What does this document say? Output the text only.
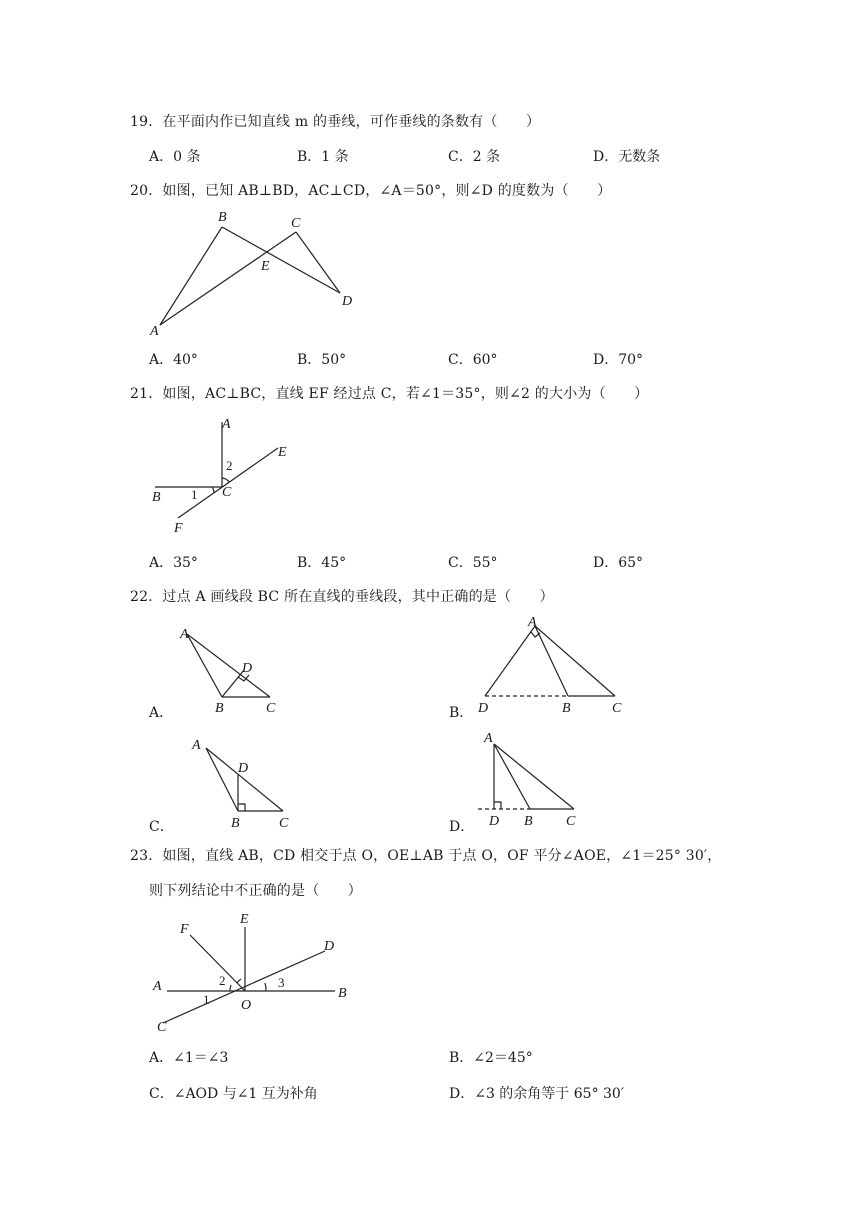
19．在平面内作已知直线 m 的垂线，可作垂线的条数有（　　）
A．0 条	B．1 条	C．2 条	D．无数条
20．如图，已知 AB⊥BD，AC⊥CD，∠A＝50°，则∠D 的度数为（　　）
A
B	C
D
E
A．40°	B．50°	C．60°	D．70°
21．如图，AC⊥BC，直线 EF 经过点 C，若∠1＝35°，则∠2 的大小为（　　）
A
B	C
E
F
1
2
A．35°	B．45°	C．55°	D．65°
22．过点 A 画线段 BC 所在直线的垂线段，其中正确的是（　　）
A．
A
D
B	C	B．
A
D	B	C
C．
A
D
B	C	D．
A
D B C
23．如图，直线 AB，CD 相交于点 O，OE⊥AB 于点 O，OF 平分∠AOE，∠1＝25° 30′，
则下列结论中不正确的是（　　）
E
F
D
A
O
B
C
1
2	3
A．∠1＝∠3	B．∠2＝45°
C．∠AOD 与∠1 互为补角	D．∠3 的余角等于 65° 30′
